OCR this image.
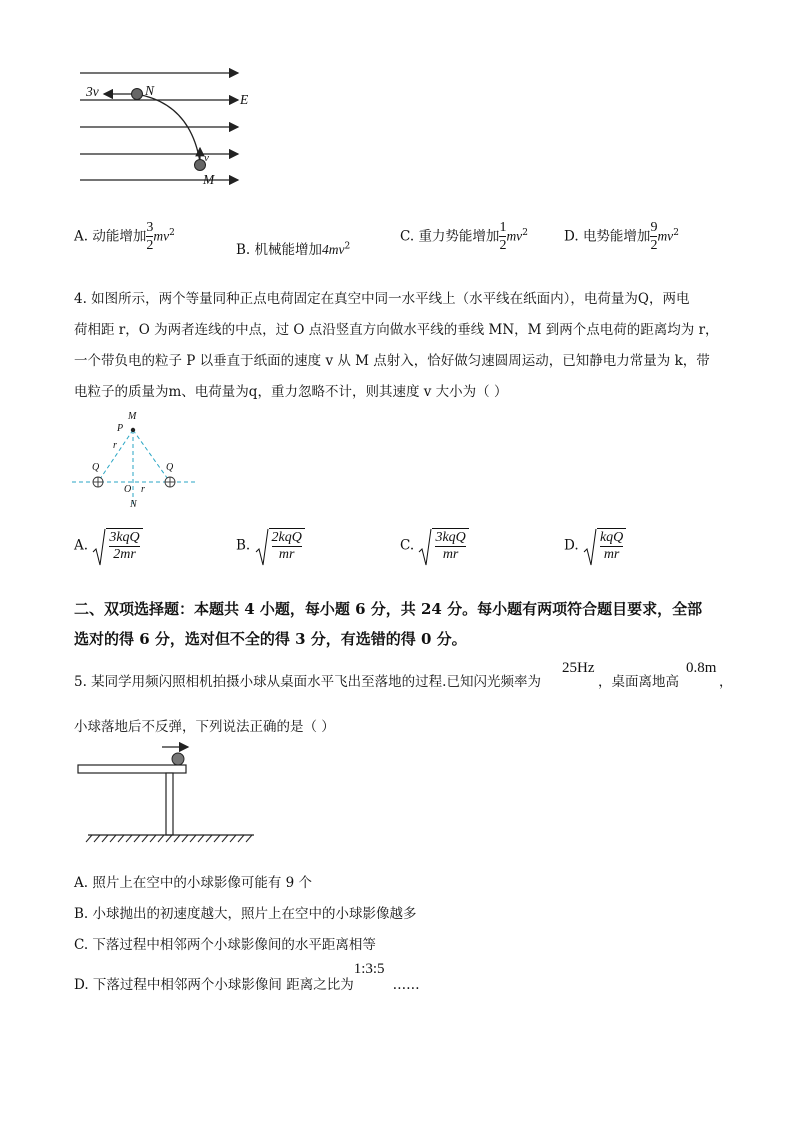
3v	N
E
v
M
A. 动能增加 $\frac{3}{2} mv^2$
B. 机械能增加$4mv^2$
C. 重力势能增加 $\frac{1}{2} mv^2$	D. 电势能增加 $\frac{9}{2} mv^2$
4. 如图所示，两个等量同种正点电荷固定在真空中同一水平线上（水平线在纸面内），电荷量为Q，两电
荷相距 r，O 为两者连线的中点，过 O 点沿竖直方向做水平线的垂线 MN，M 到两个点电荷的距离均为 r，
一个带负电的粒子 P 以垂直于纸面的速度 v 从 M 点射入，恰好做匀速圆周运动，已知静电力常量为 k，带
电粒子的质量为m、电荷量为q，重力忽略不计，则其速度 v 大小为（ ）
M
P
r
Q	Q
O r
N
A. 3kqQ
2mr
B. 2kqQ
mr
C. 3kqQ
mr
D. kqQ
mr
二、双项选择题：本题共 4 小题，每小题 6 分，共 24 分。每小题有两项符合题目要求，全部
选对的得 6 分，选对但不全的得 3 分，有选错的得 0 分。
5. 某同学用频闪照相机拍摄小球从桌面水平飞出至落地的过程.已知闪光频率为
25Hz
，桌面离地高
0.8m
，
小球落地后不反弹，下列说法正确的是（ ）
A. 照片上在空中的小球影像可能有 9 个
B. 小球抛出的初速度越大，照片上在空中的小球影像越多
C. 下落过程中相邻两个小球影像间的水平距离相等
$_{D. 下落过程中相邻两个小球影像间 距离之比为}1:3:5_{\dots\dots}$
